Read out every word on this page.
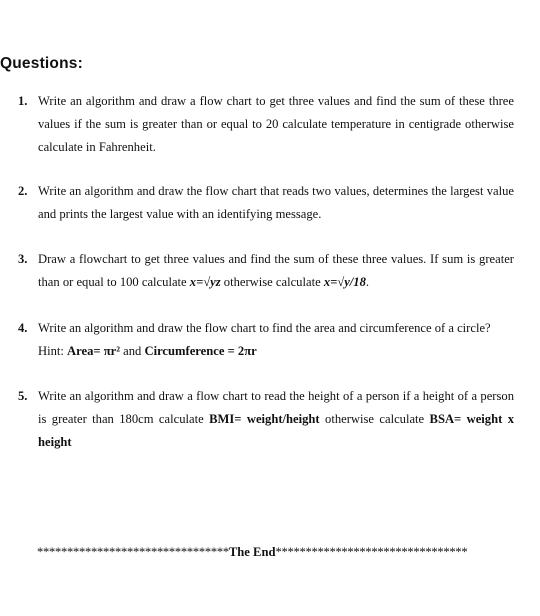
Questions:
1. Write an algorithm and draw a flow chart to get three values and find the sum of these three values if the sum is greater than or equal to 20 calculate temperature in centigrade otherwise calculate in Fahrenheit.
2. Write an algorithm and draw the flow chart that reads two values, determines the largest value and prints the largest value with an identifying message.
3. Draw a flowchart to get three values and find the sum of these three values. If sum is greater than or equal to 100 calculate x=√yz otherwise calculate x=√y/18.
4. Write an algorithm and draw the flow chart to find the area and circumference of a circle?
Hint: Area= πr² and Circumference = 2πr
5. Write an algorithm and draw a flow chart to read the height of a person if a height of a person is greater than 180cm calculate BMI= weight/height otherwise calculate BSA= weight x height
********************************The End********************************
